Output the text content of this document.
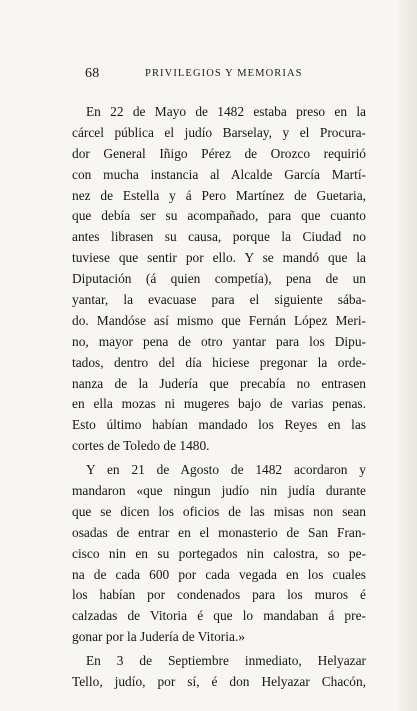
68	PRIVILEGIOS Y MEMORIAS
En 22 de Mayo de 1482 estaba preso en la
cárcel pública el judío Barselay, y el Procura-
dor General Iñigo Pérez de Orozco requirió
con mucha instancia al Alcalde García Martí-
nez de Estella y á Pero Martínez de Guetaria,
que debía ser su acompañado, para que cuanto
antes librasen su causa, porque la Ciudad no
tuviese que sentir por ello. Y se mandó que la
Diputación (á quien competía), pena de un
yantar, la evacuase para el siguiente sába-
do. Mandóse así mismo que Fernán López Meri-
no, mayor pena de otro yantar para los Dipu-
tados, dentro del día hiciese pregonar la orde-
nanza de la Judería que precabía no entrasen
en ella mozas ni mugeres bajo de varias penas.
Esto último habían mandado los Reyes en las
cortes de Toledo de 1480.
Y en 21 de Agosto de 1482 acordaron y
mandaron «que ningun judío nin judía durante
que se dicen los oficios de las misas non sean
osadas de entrar en el monasterio de San Fran-
cisco nin en su portegados nin calostra, so pe-
na de cada 600 por cada vegada en los cuales
los habían por condenados para los muros é
calzadas de Vitoria é que lo mandaban á pre-
gonar por la Judería de Vitoria.»
En 3 de Septiembre inmediato, Helyazar
Tello, judío, por sí, é don Helyazar Chacón,
